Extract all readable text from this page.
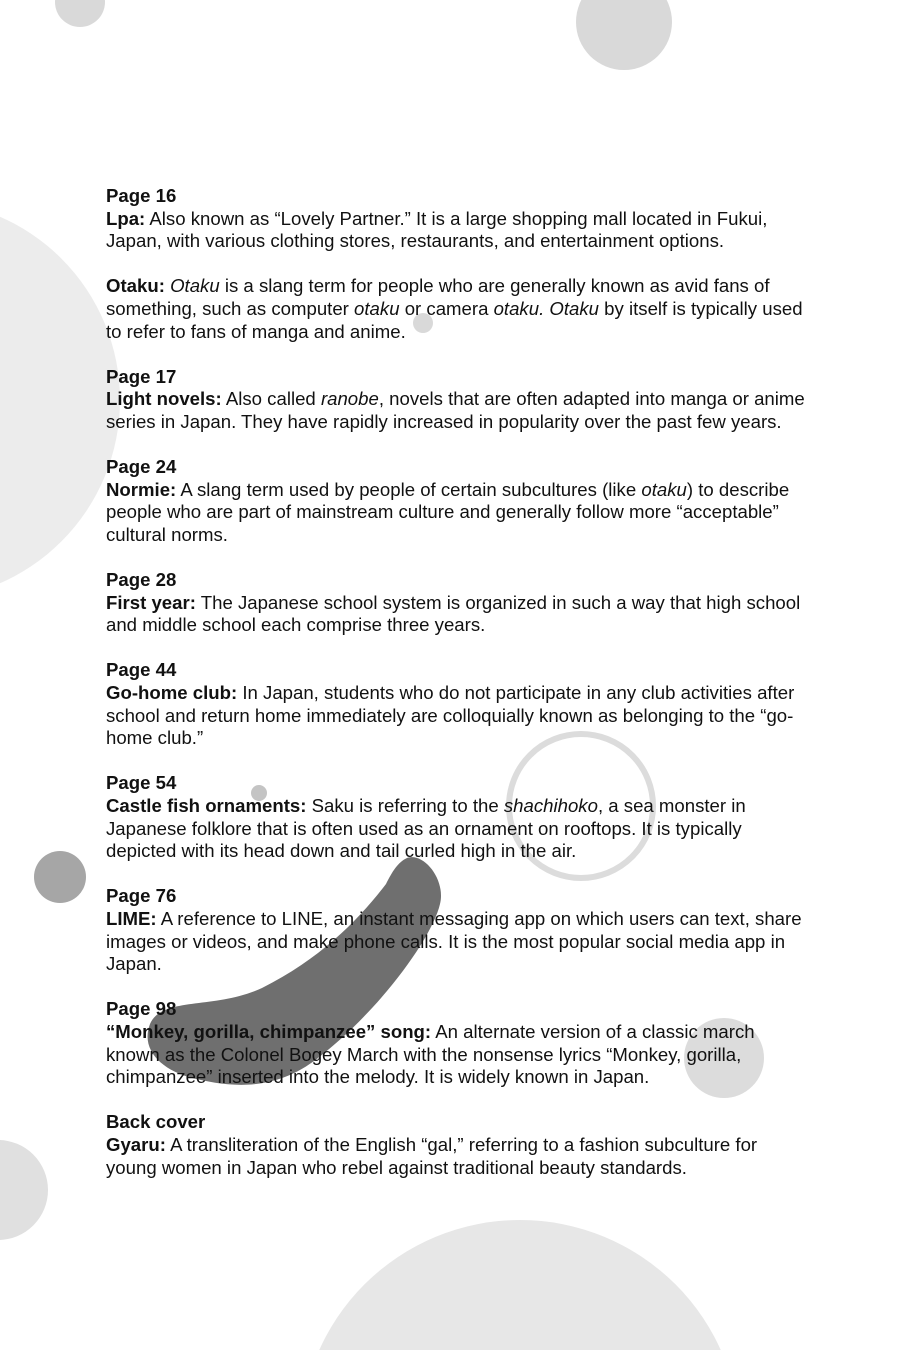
Page 16

Lpa: Also known as “Lovely Partner.” It is a large shopping mall located in Fukui, Japan, with various clothing stores, restaurants, and entertainment options.

Otaku: Otaku is a slang term for people who are generally known as avid fans of something, such as computer otaku or camera otaku. Otaku by itself is typically used to refer to fans of manga and anime.

Page 17

Light novels: Also called ranobe, novels that are often adapted into manga or anime series in Japan. They have rapidly increased in popularity over the past few years.

Page 24

Normie: A slang term used by people of certain subcultures (like otaku) to describe people who are part of mainstream culture and generally follow more “acceptable” cultural norms.

Page 28

First year: The Japanese school system is organized in such a way that high school and middle school each comprise three years.

Page 44

Go-home club: In Japan, students who do not participate in any club activities after school and return home immediately are colloquially known as belonging to the “go-home club.”

Page 54

Castle fish ornaments: Saku is referring to the shachihoko, a sea monster in Japanese folklore that is often used as an ornament on rooftops. It is typically depicted with its head down and tail curled high in the air.

Page 76

LIME: A reference to LINE, an instant messaging app on which users can text, share images or videos, and make phone calls. It is the most popular social media app in Japan.

Page 98

“Monkey, gorilla, chimpanzee” song: An alternate version of a classic march known as the Colonel Bogey March with the nonsense lyrics “Monkey, gorilla, chimpanzee” inserted into the melody. It is widely known in Japan.

Back cover

Gyaru: A transliteration of the English “gal,” referring to a fashion subculture for young women in Japan who rebel against traditional beauty standards.
